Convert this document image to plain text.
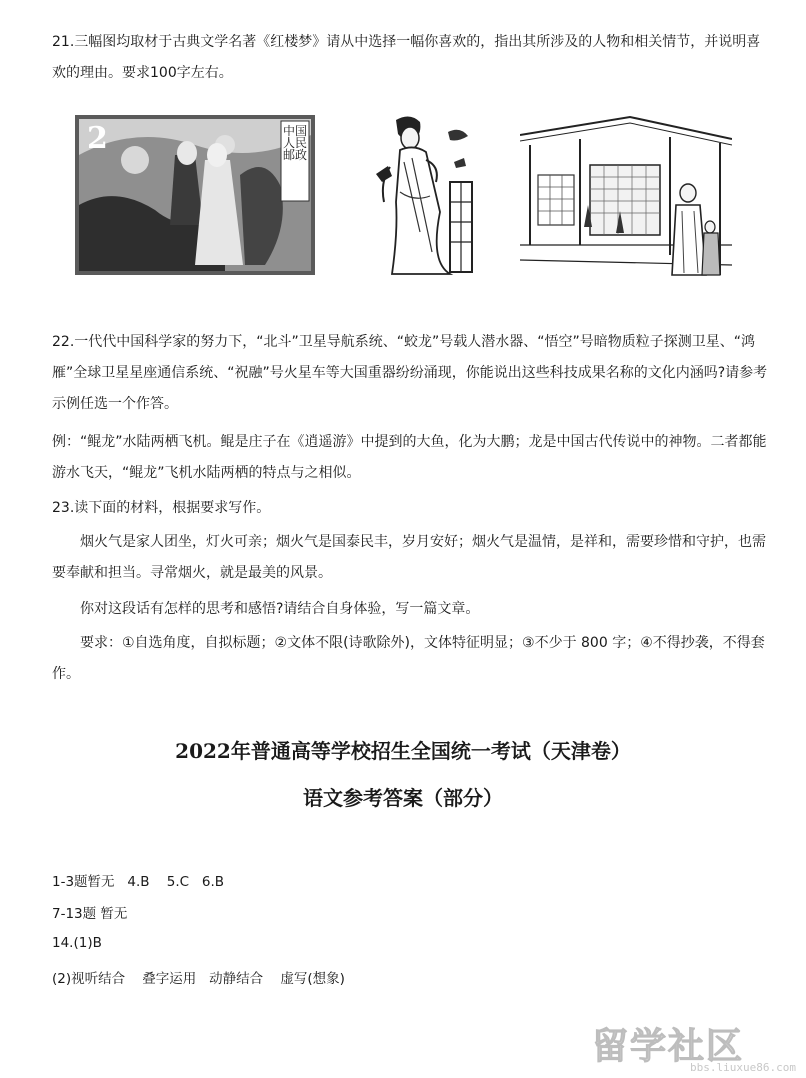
21.三幅图均取材于古典文学名著《红楼梦》请从中选择一幅你喜欢的，指出其所涉及的人物和相关情节，并说明喜欢的理由。要求100字左右。

2	中国人民邮政

22.一代代中国科学家的努力下，“北斗”卫星导航系统、“蛟龙”号载人潜水器、“悟空”号暗物质粒子探测卫星、“鸿雁”全球卫星星座通信系统、“祝融”号火星车等大国重器纷纷涌现，你能说出这些科技成果名称的文化内涵吗?请参考示例任选一个作答。

例：“鲲龙”水陆两栖飞机。鲲是庄子在《逍遥游》中提到的大鱼，化为大鹏；龙是中国古代传说中的神物。二者都能游水飞天，“鲲龙”飞机水陆两栖的特点与之相似。

23.读下面的材料，根据要求写作。

烟火气是家人团坐，灯火可亲；烟火气是国泰民丰，岁月安好；烟火气是温情，是祥和，需要珍惜和守护，也需要奉献和担当。寻常烟火，就是最美的风景。

你对这段话有怎样的思考和感悟?请结合自身体验，写一篇文章。

要求：①自选角度，自拟标题；②文体不限(诗歌除外)，文体特征明显；③不少于 800 字；④不得抄袭，不得套作。

2022年普通高等学校招生全国统一考试（天津卷）
语文参考答案（部分）

1-3题暂无   4.B    5.C   6.B

7-13题 暂无

14.(1)B

(2)视听结合    叠字运用   动静结合    虚写(想象)

留学社区
bbs.liuxue86.com
